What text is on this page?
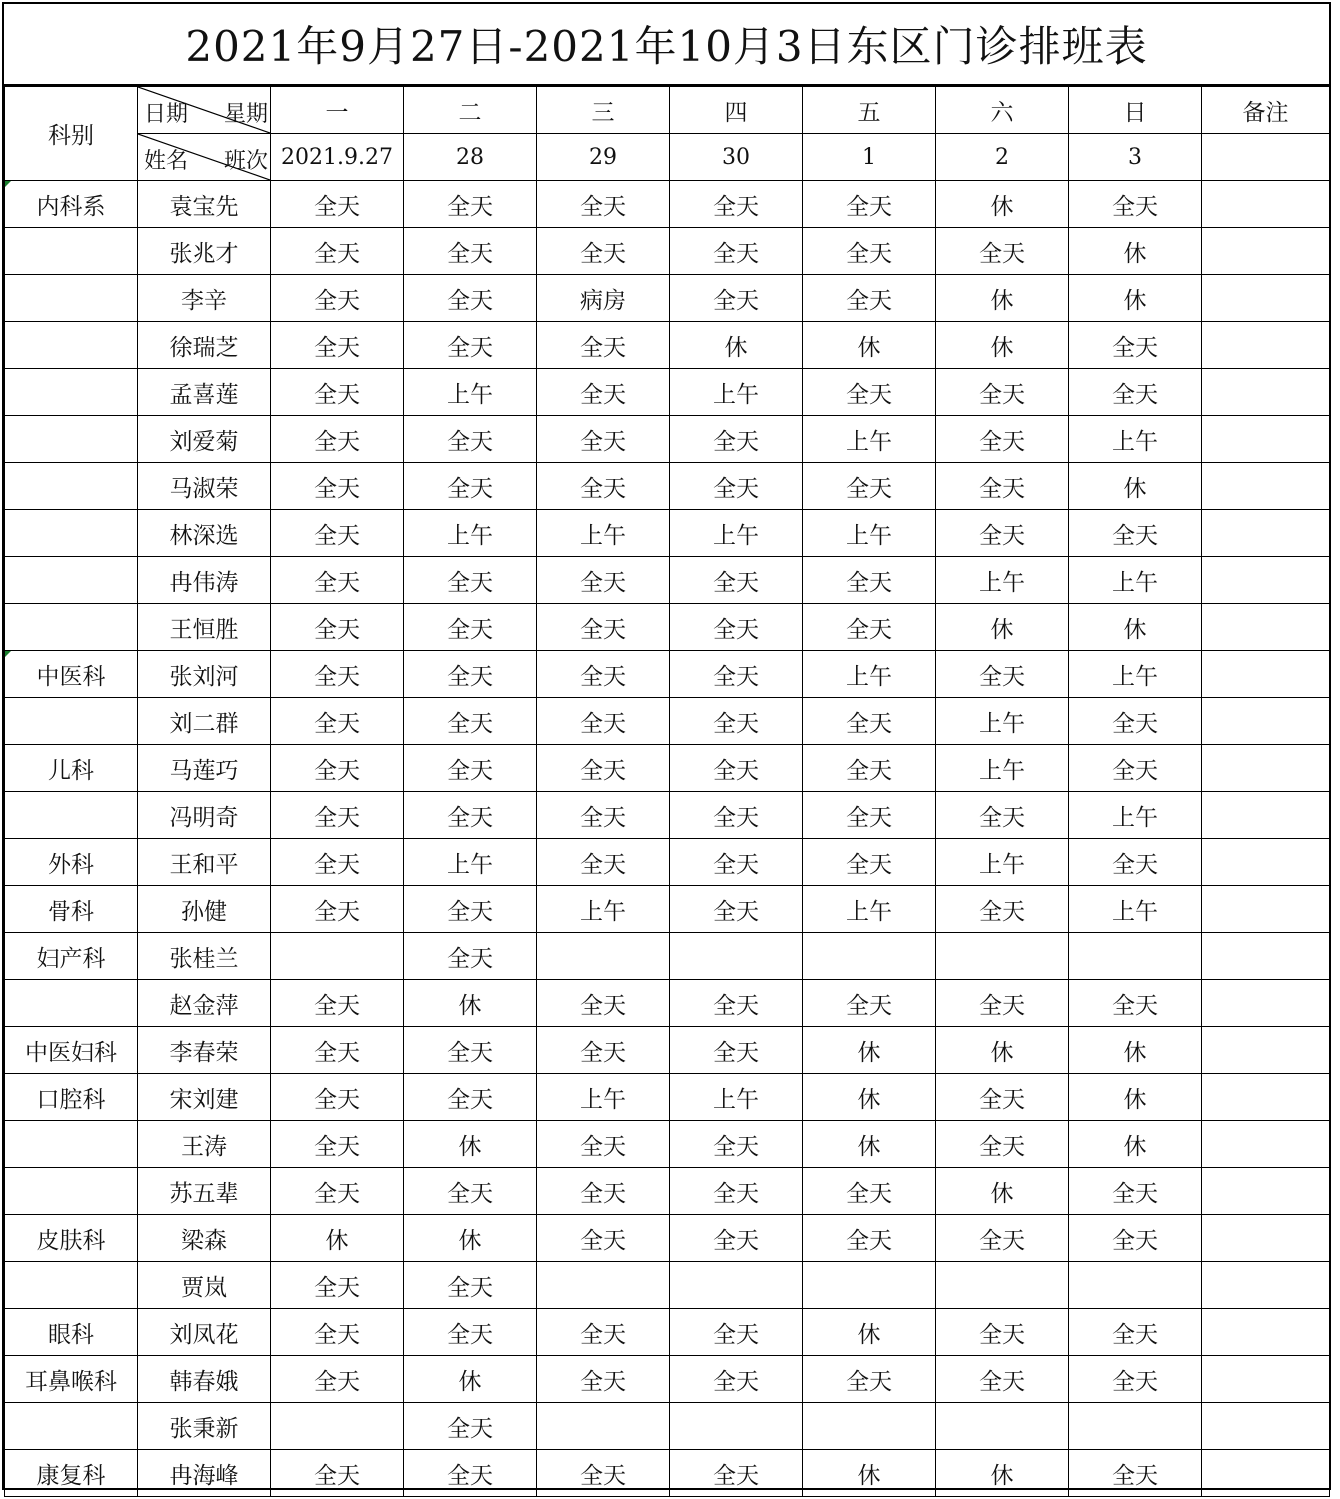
2021年9月27日-2021年10月3日东区门诊排班表
科别	日期 星期	一	二	三	四	五	六	日	备注

	姓名 班次	2021.9.27	28	29	30	1	2	3	
内科系	袁宝先	全天	全天	全天	全天	全天	休	全天	
	张兆才	全天	全天	全天	全天	全天	全天	休	
	李辛	全天	全天	病房	全天	全天	休	休	
	徐瑞芝	全天	全天	全天	休	休	休	全天	
	孟喜莲	全天	上午	全天	上午	全天	全天	全天	
	刘爱菊	全天	全天	全天	全天	上午	全天	上午	
	马淑荣	全天	全天	全天	全天	全天	全天	休	
	林深选	全天	上午	上午	上午	上午	全天	全天	
	冉伟涛	全天	全天	全天	全天	全天	上午	上午	
	王恒胜	全天	全天	全天	全天	全天	休	休	
中医科	张刘河	全天	全天	全天	全天	上午	全天	上午	
	刘二群	全天	全天	全天	全天	全天	上午	全天	
儿科	马莲巧	全天	全天	全天	全天	全天	上午	全天	
	冯明奇	全天	全天	全天	全天	全天	全天	上午	
外科	王和平	全天	上午	全天	全天	全天	上午	全天	
骨科	孙健	全天	全天	上午	全天	上午	全天	上午	
妇产科	张桂兰		全天						
	赵金萍	全天	休	全天	全天	全天	全天	全天	
中医妇科	李春荣	全天	全天	全天	全天	休	休	休	
口腔科	宋刘建	全天	全天	上午	上午	休	全天	休	
	王涛	全天	休	全天	全天	休	全天	休	
	苏五辈	全天	全天	全天	全天	全天	休	全天	
皮肤科	梁森	休	休	全天	全天	全天	全天	全天	
	贾岚	全天	全天						
眼科	刘凤花	全天	全天	全天	全天	休	全天	全天	
耳鼻喉科	韩春娥	全天	休	全天	全天	全天	全天	全天	
	张秉新		全天						
康复科	冉海峰	全天	全天	全天	全天	休	休	全天	
